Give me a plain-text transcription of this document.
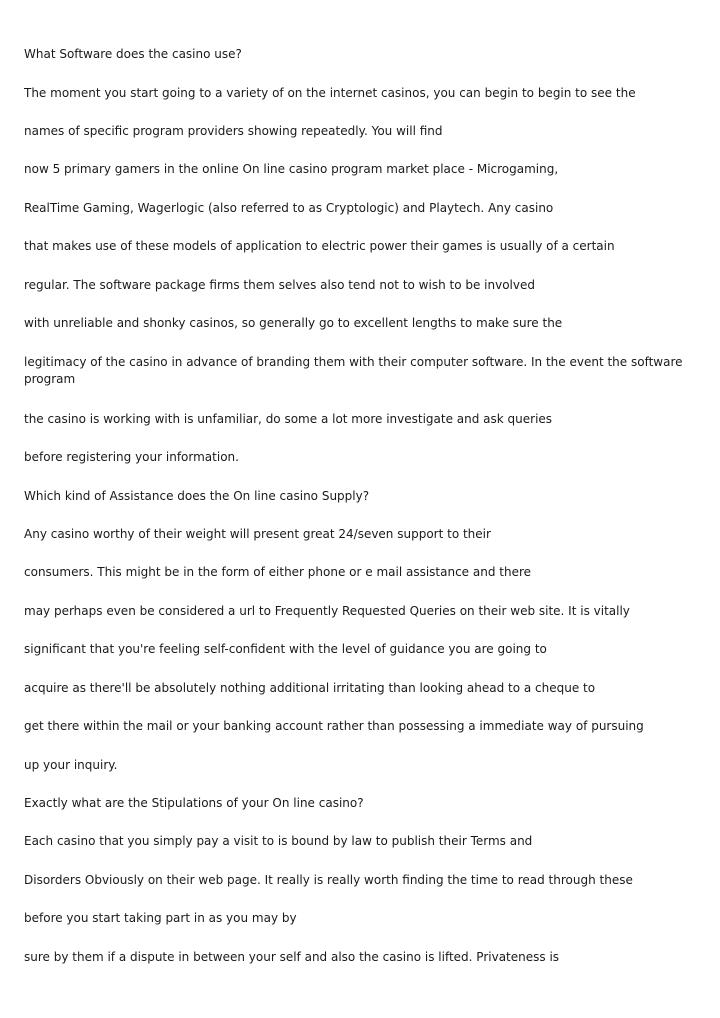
What Software does the casino use?

The moment you start going to a variety of on the internet casinos, you can begin to begin to see the

names of specific program providers showing repeatedly. You will find

now 5 primary gamers in the online On line casino program market place - Microgaming,

RealTime Gaming, Wagerlogic (also referred to as Cryptologic) and Playtech. Any casino

that makes use of these models of application to electric power their games is usually of a certain

regular. The software package firms them selves also tend not to wish to be involved

with unreliable and shonky casinos, so generally go to excellent lengths to make sure the

legitimacy of the casino in advance of branding them with their computer software. In the event the software program

the casino is working with is unfamiliar, do some a lot more investigate and ask queries

before registering your information.

Which kind of Assistance does the On line casino Supply?

Any casino worthy of their weight will present great 24/seven support to their

consumers. This might be in the form of either phone or e mail assistance and there

may perhaps even be considered a url to Frequently Requested Queries on their web site. It is vitally

significant that you're feeling self-confident with the level of guidance you are going to

acquire as there'll be absolutely nothing additional irritating than looking ahead to a cheque to

get there within the mail or your banking account rather than possessing a immediate way of pursuing

up your inquiry.

Exactly what are the Stipulations of your On line casino?

Each casino that you simply pay a visit to is bound by law to publish their Terms and

Disorders Obviously on their web page. It really is really worth finding the time to read through these

before you start taking part in as you may by

sure by them if a dispute in between your self and also the casino is lifted. Privateness is
